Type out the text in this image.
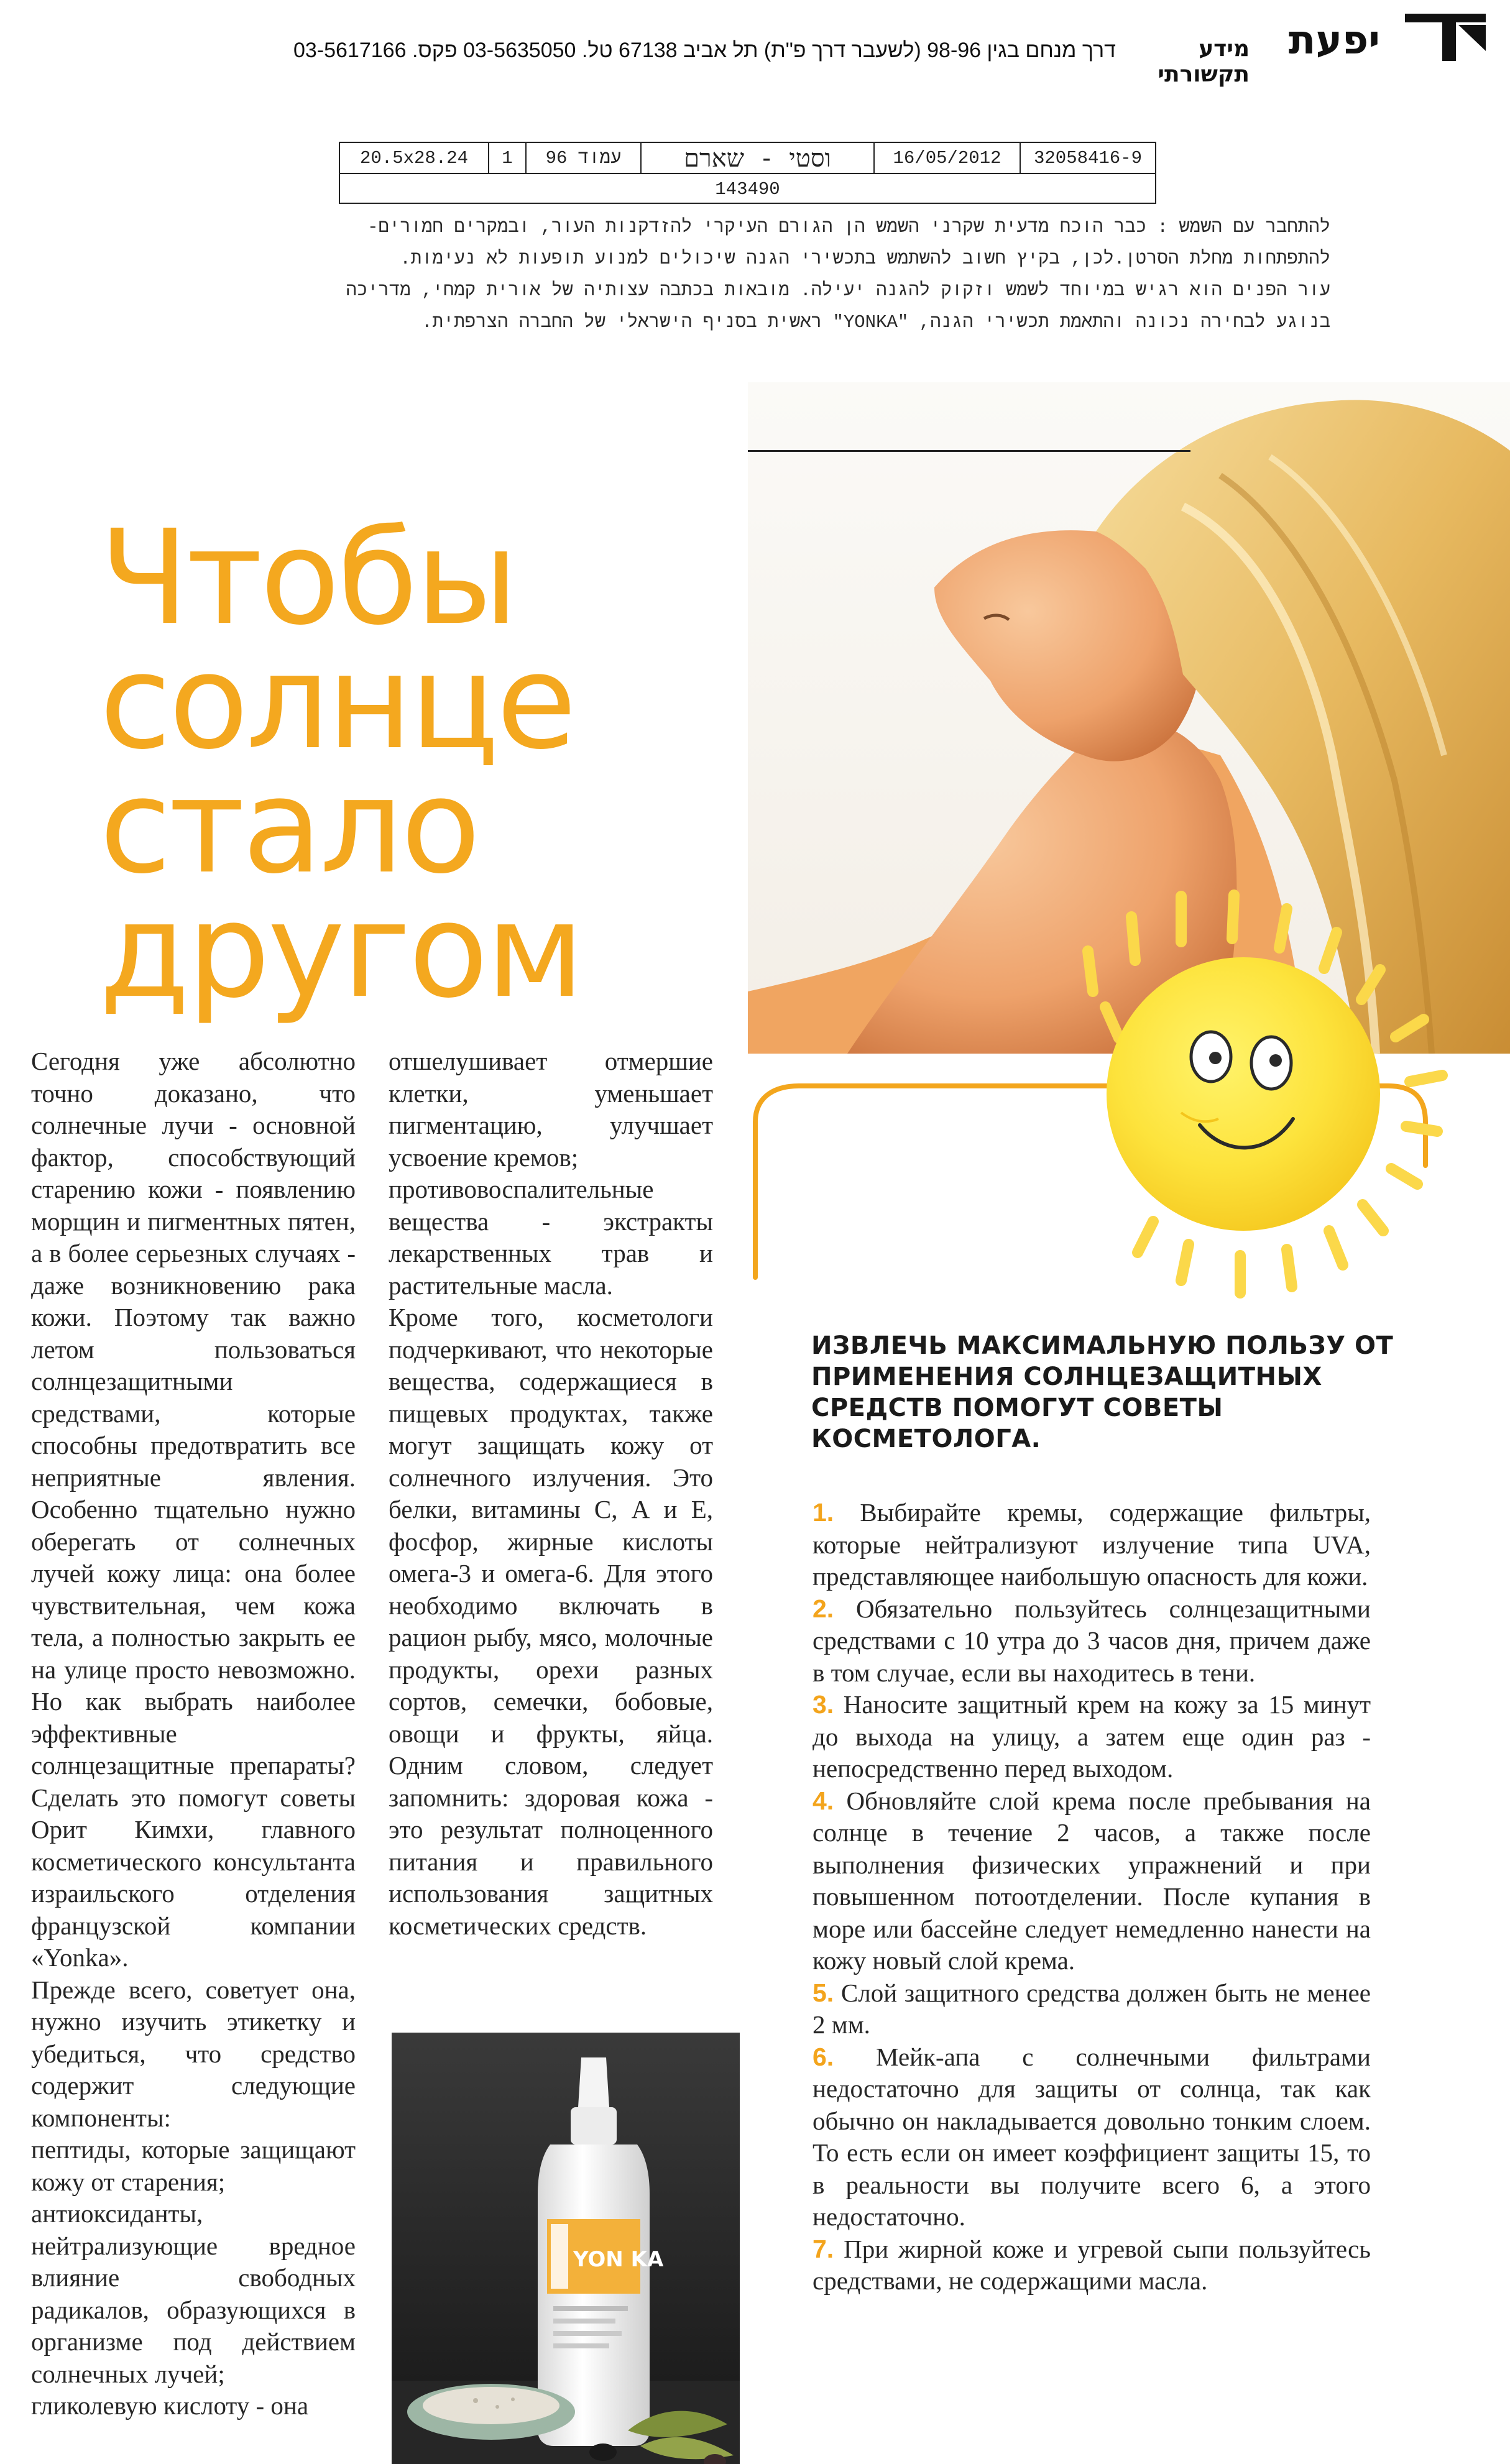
יפעת
מידע תקשורתי
דרך מנחם בגין 98-96 (לשעבר דרך פ"ת) תל אביב 67138 טל. 03-5635050 פקס. 03-5617166
20.5x28.24	1	עמוד 96	וסטי - שארם	16/05/2012	32058416-9
143490

להתחבר עם השמש : כבר הוכח מדעית שקרני השמש הן הגורם העיקרי להזדקנות העור, ובמקרים חמורים-

להתפתחות מחלת הסרטן.לכן, בקיץ חשוב להשתמש בתכשירי הגנה שיכולים למנוע תופעות לא נעימות.

עור הפנים הוא רגיש במיוחד לשמש וזקוק להגנה יעילה. מובאות בכתבה עצותיה של אורית קמחי, מדריכה

בנוגע לבחירה נכונה והתאמת תכשירי הגנה, "YONKA" ראשית בסניף הישראלי של החברה הצרפתית.

Чтобы
солнце
стало
другом

Сегодня уже абсолютно точно доказано, что солнечные лучи - основной фактор, способствующий старению кожи - появлению морщин и пигментных пятен, а в более серьезных случаях - даже возникновению рака кожи. Поэтому так важно летом пользоваться солнцезащитными средствами, которые способны предотвратить все неприятные явления. Особенно тщательно нужно оберегать от солнечных лучей кожу лица: она более чувствительная, чем кожа тела, а полностью закрыть ее на улице просто невозможно. Но как выбрать наиболее эффективные солнцезащитные препараты? Сделать это помогут советы Орит Кимхи, главного косметического консультанта израильского отделения французской компании «Yonka».

Прежде всего, советует она, нужно изучить этикетку и убедиться, что средство содержит следующие компоненты:

пептиды, которые защищают кожу от старения;

антиоксиданты, нейтрализующие вредное влияние свободных радикалов, образующихся в организме под действием солнечных лучей;

гликолевую кислоту - она

отшелушивает отмершие клетки, уменьшает пигментацию, улучшает усвоение кремов;

противовоспалительные вещества - экстракты лекарственных трав и растительные масла.

Кроме того, косметологи подчеркивают, что некоторые вещества, содержащиеся в пищевых продуктах, также могут защищать кожу от солнечного излучения. Это белки, витамины С, А и Е, фосфор, жирные кислоты омега-3 и омега-6. Для этого необходимо включать в рацион рыбу, мясо, молочные продукты, орехи разных сортов, семечки, бобовые, овощи и фрукты, яйца. Одним словом, следует запомнить: здоровая кожа - это результат полноценного питания и правильного использования защитных косметических средств.

YON KA
ИЗВЛЕЧЬ МАКСИМАЛЬНУЮ ПОЛЬЗУ ОТ ПРИМЕНЕНИЯ СОЛНЦЕЗАЩИТНЫХ СРЕДСТВ ПОМОГУТ СОВЕТЫ КОСМЕТОЛОГА.

1. Выбирайте кремы, содержащие фильтры, которые нейтрализуют излучение типа UVA, представляющее наибольшую опасность для кожи.

2. Обязательно пользуйтесь солнцезащитными средствами с 10 утра до 3 часов дня, причем даже в том случае, если вы находитесь в тени.

3. Наносите защитный крем на кожу за 15 минут до выхода на улицу, а затем еще один раз - непосредственно перед выходом.

4. Обновляйте слой крема после пребывания на солнце в течение 2 часов, а также после выполнения физических упражнений и при повышенном потоотделении. После купания в море или бассейне следует немедленно нанести на кожу новый слой крема.

5. Слой защитного средства должен быть не менее 2 мм.

6. Мейк-апа с солнечными фильтрами недостаточно для защиты от солнца, так как обычно он накладывается довольно тонким слоем. То есть если он имеет коэффициент защиты 15, то в реальности вы получите всего 6, а этого недостаточно.

7. При жирной коже и угревой сыпи пользуйтесь средствами, не содержащими масла.
